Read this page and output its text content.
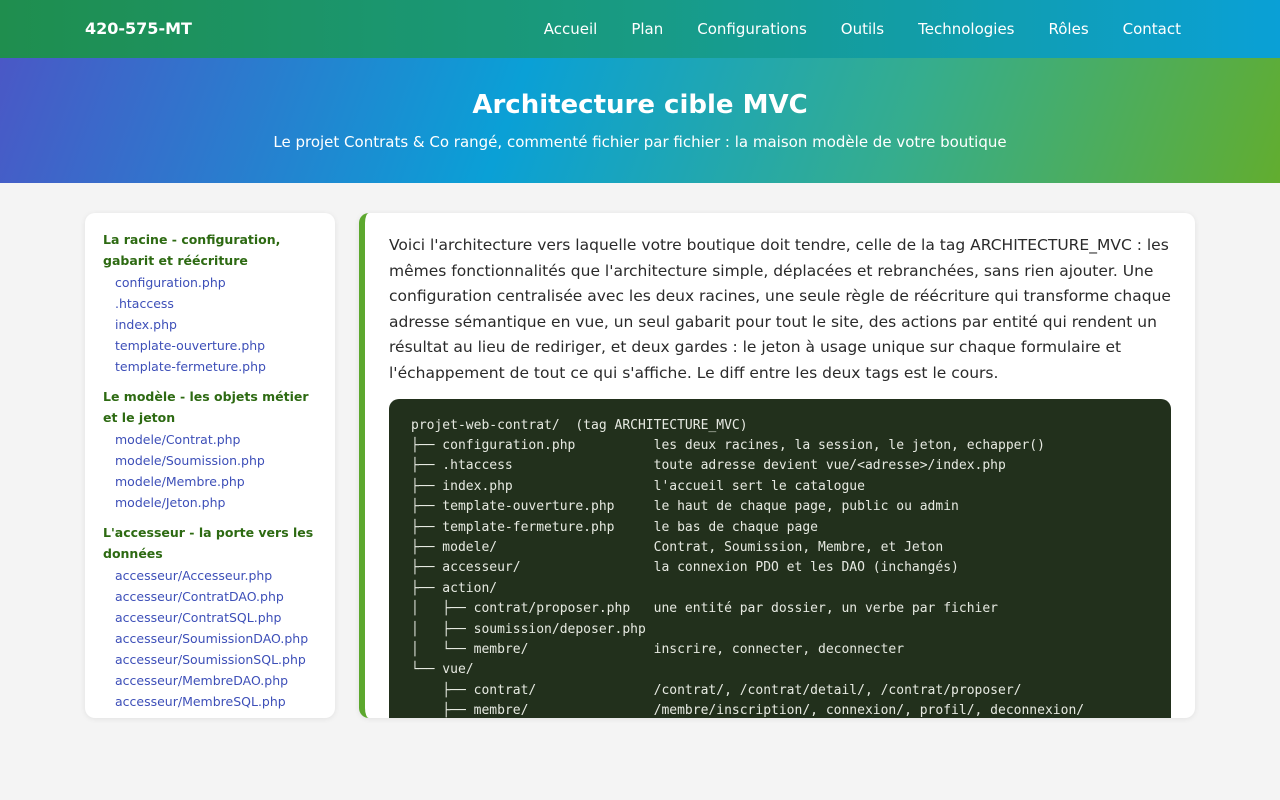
420-575-MT	Accueil Plan Configurations Outils Technologies Rôles Contact
Architecture cible MVC

Le projet Contrats & Co rangé, commenté fichier par fichier : la maison modèle de votre boutique

La racine - configuration, gabarit et réécriture
configuration.php
.htaccess
index.php
template-ouverture.php
template-fermeture.php
Le modèle - les objets métier et le jeton
modele/Contrat.php
modele/Soumission.php
modele/Membre.php
modele/Jeton.php
L'accesseur - la porte vers les données
accesseur/Accesseur.php
accesseur/ContratDAO.php
accesseur/ContratSQL.php
accesseur/SoumissionDAO.php
accesseur/SoumissionSQL.php
accesseur/MembreDAO.php
accesseur/MembreSQL.php

Voici l'architecture vers laquelle votre boutique doit tendre, celle de la tag ARCHITECTURE_MVC : les mêmes fonctionnalités que l'architecture simple, déplacées et rebranchées, sans rien ajouter. Une configuration centralisée avec les deux racines, une seule règle de réécriture qui transforme chaque adresse sémantique en vue, un seul gabarit pour tout le site, des actions par entité qui rendent un résultat au lieu de rediriger, et deux gardes : le jeton à usage unique sur chaque formulaire et l'échappement de tout ce qui s'affiche. Le diff entre les deux tags est le cours.

projet-web-contrat/  (tag ARCHITECTURE_MVC)
├── configuration.php          les deux racines, la session, le jeton, echapper()
├── .htaccess                  toute adresse devient vue/<adresse>/index.php
├── index.php                  l'accueil sert le catalogue
├── template-ouverture.php     le haut de chaque page, public ou admin
├── template-fermeture.php     le bas de chaque page
├── modele/                    Contrat, Soumission, Membre, et Jeton
├── accesseur/                 la connexion PDO et les DAO (inchangés)
├── action/
│   ├── contrat/proposer.php   une entité par dossier, un verbe par fichier
│   ├── soumission/deposer.php
│   └── membre/                inscrire, connecter, deconnecter
└── vue/
├── contrat/               /contrat/, /contrat/detail/, /contrat/proposer/
├── membre/                /membre/inscription/, connexion/, profil/, deconnexion/
